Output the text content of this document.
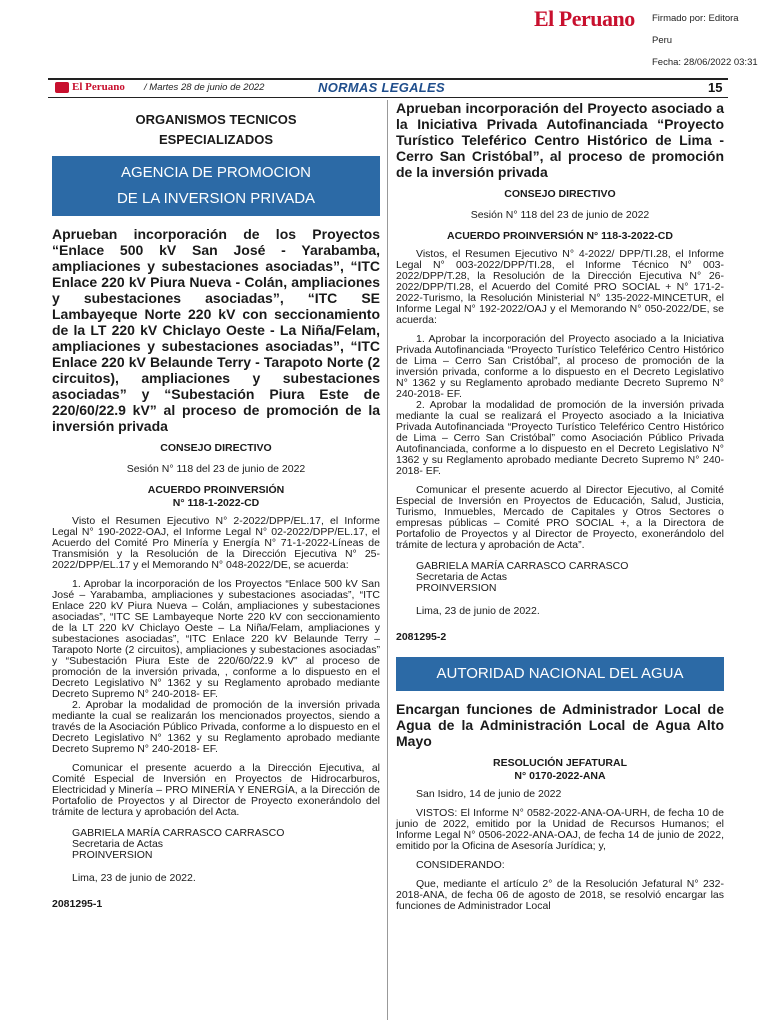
El Peruano Firmado por: Editora

Peru

Fecha: 28/06/2022 03:31

El Peruano / Martes 28 de junio de 2022	NORMAS LEGALES	15
ORGANISMOS TECNICOS
ESPECIALIZADOS
AGENCIA DE PROMOCION
DE LA INVERSION PRIVADA
Aprueban incorporación de los Proyectos “Enlace 500 kV San José - Yarabamba, ampliaciones y subestaciones asociadas”, “ITC Enlace 220 kV Piura Nueva - Colán, ampliaciones y subestaciones asociadas”, “ITC SE Lambayeque Norte 220 kV con seccionamiento de la LT 220 kV Chiclayo Oeste - La Niña/Felam, ampliaciones y subestaciones asociadas”, “ITC Enlace 220 kV Belaunde Terry - Tarapoto Norte (2 circuitos), ampliaciones y subestaciones asociadas” y “Subestación Piura Este de 220/60/22.9 kV” al proceso de promoción de la inversión privada
CONSEJO DIRECTIVO
Sesión N° 118 del 23 de junio de 2022
ACUERDO PROINVERSIÓN
N° 118-1-2022-CD

Visto el Resumen Ejecutivo N° 2-2022/DPP/EL.17, el Informe Legal N° 190-2022-OAJ, el Informe Legal N° 02-2022/DPP/EL.17, el Acuerdo del Comité Pro Minería y Energía N° 71-1-2022-Líneas de Transmisión y la Resolución de la Dirección Ejecutiva N° 25-2022/DPP/EL.17 y el Memorando N° 048-2022/DE, se acuerda:

1. Aprobar la incorporación de los Proyectos “Enlace 500 kV San José – Yarabamba, ampliaciones y subestaciones asociadas”, “ITC Enlace 220 kV Piura Nueva – Colán, ampliaciones y subestaciones asociadas”, “ITC SE Lambayeque Norte 220 kV con seccionamiento de la LT 220 kV Chiclayo Oeste – La Niña/Felam, ampliaciones y subestaciones asociadas”, “ITC Enlace 220 kV Belaunde Terry – Tarapoto Norte (2 circuitos), ampliaciones y subestaciones asociadas” y “Subestación Piura Este de 220/60/22.9 kV” al proceso de promoción de la inversión privada, , conforme a lo dispuesto en el Decreto Legislativo N° 1362 y su Reglamento aprobado mediante Decreto Supremo N° 240-2018- EF.

2. Aprobar la modalidad de promoción de la inversión privada mediante la cual se realizarán los mencionados proyectos, siendo a través de la Asociación Público Privada, conforme a lo dispuesto en el Decreto Legislativo N° 1362 y su Reglamento aprobado mediante Decreto Supremo N° 240-2018- EF.

Comunicar el presente acuerdo a la Dirección Ejecutiva, al Comité Especial de Inversión en Proyectos de Hidrocarburos, Electricidad y Minería – PRO MINERÍA Y ENERGÍA, a la Dirección de Portafolio de Proyectos y al Director de Proyecto exonerándolo del trámite de lectura y aprobación del Acta.

GABRIELA MARÍA CARRASCO CARRASCO
Secretaria de Actas
PROINVERSION
Lima, 23 de junio de 2022.
2081295-1
Aprueban incorporación del Proyecto asociado a la Iniciativa Privada Autofinanciada “Proyecto Turístico Teleférico Centro Histórico de Lima - Cerro San Cristóbal”, al proceso de promoción de la inversión privada
CONSEJO DIRECTIVO
Sesión N° 118 del 23 de junio de 2022
ACUERDO PROINVERSIÓN N° 118-3-2022-CD

Vistos, el Resumen Ejecutivo N° 4-2022/ DPP/TI.28, el Informe Legal N° 003-2022/DPP/TI.28, el Informe Técnico N° 003-2022/DPP/T.28, la Resolución de la Dirección Ejecutiva N° 26-2022/DPP/TI.28, el Acuerdo del Comité PRO SOCIAL + N° 171-2-2022-Turismo, la Resolución Ministerial N° 135-2022-MINCETUR, el Informe Legal N° 192-2022/OAJ y el Memorando N° 050-2022/DE, se acuerda:

1. Aprobar la incorporación del Proyecto asociado a la Iniciativa Privada Autofinanciada “Proyecto Turístico Teleférico Centro Histórico de Lima – Cerro San Cristóbal”, al proceso de promoción de la inversión privada, conforme a lo dispuesto en el Decreto Legislativo N° 1362 y su Reglamento aprobado mediante Decreto Supremo N° 240-2018- EF.

2. Aprobar la modalidad de promoción de la inversión privada mediante la cual se realizará el Proyecto asociado a la Iniciativa Privada Autofinanciada “Proyecto Turístico Teleférico Centro Histórico de Lima – Cerro San Cristóbal” como Asociación Público Privada Autofinanciada, conforme a lo dispuesto en el Decreto Legislativo N° 1362 y su Reglamento aprobado mediante Decreto Supremo N° 240-2018- EF.

Comunicar el presente acuerdo al Director Ejecutivo, al Comité Especial de Inversión en Proyectos de Educación, Salud, Justicia, Turismo, Inmuebles, Mercado de Capitales y Otros Sectores o empresas públicas – Comité PRO SOCIAL +, a la Directora de Portafolio de Proyectos y al Director de Proyecto, exonerándolo del trámite de lectura y aprobación de Acta”.

GABRIELA MARÍA CARRASCO CARRASCO
Secretaria de Actas
PROINVERSION
Lima, 23 de junio de 2022.
2081295-2
AUTORIDAD NACIONAL DEL AGUA
Encargan funciones de Administrador Local de Agua de la Administración Local de Agua Alto Mayo
RESOLUCIÓN JEFATURAL
N° 0170-2022-ANA
San Isidro, 14 de junio de 2022

VISTOS: El Informe N° 0582-2022-ANA-OA-URH, de fecha 10 de junio de 2022, emitido por la Unidad de Recursos Humanos; el Informe Legal N° 0506-2022-ANA-OAJ, de fecha 14 de junio de 2022, emitido por la Oficina de Asesoría Jurídica; y,

CONSIDERANDO:

Que, mediante el artículo 2° de la Resolución Jefatural N° 232-2018-ANA, de fecha 06 de agosto de 2018, se resolvió encargar las funciones de Administrador Local
